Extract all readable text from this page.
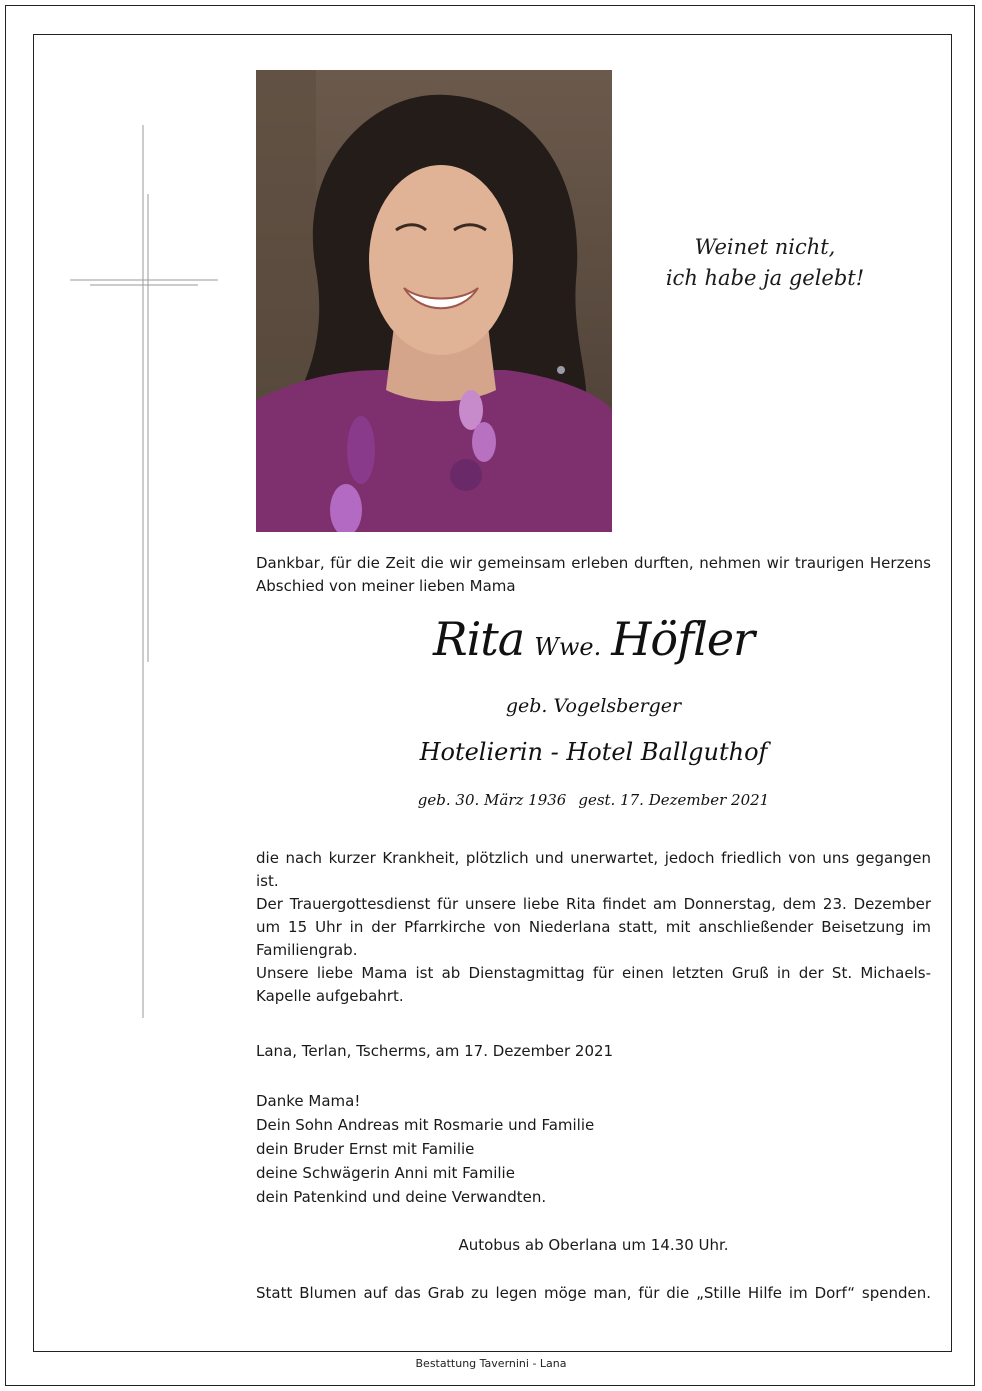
Weinet nicht,
ich habe ja gelebt!
Dankbar, für die Zeit die wir gemeinsam erleben durften, nehmen wir traurigen Herzens Abschied von meiner lieben Mama
Rita Wwe. Höfler
geb. Vogelsberger
Hotelierin - Hotel Ballguthof
geb. 30. März 1936 gest. 17. Dezember 2021

die nach kurzer Krankheit, plötzlich und unerwartet, jedoch friedlich von uns gegangen ist.

Der Trauergottesdienst für unsere liebe Rita findet am Donnerstag, dem 23. Dezember um 15 Uhr in der Pfarrkirche von Niederlana statt, mit anschließender Beisetzung im Familiengrab.

Unsere liebe Mama ist ab Dienstagmittag für einen letzten Gruß in der St. Michaels-Kapelle aufgebahrt.

Lana, Terlan, Tscherms, am 17. Dezember 2021
Danke Mama!
Dein Sohn Andreas mit Rosmarie und Familie
dein Bruder Ernst mit Familie
deine Schwägerin Anni mit Familie
dein Patenkind und deine Verwandten.
Autobus ab Oberlana um 14.30 Uhr.
Statt Blumen auf das Grab zu legen möge man, für die „Stille Hilfe im Dorf“ spenden.
Bestattung Tavernini - Lana
